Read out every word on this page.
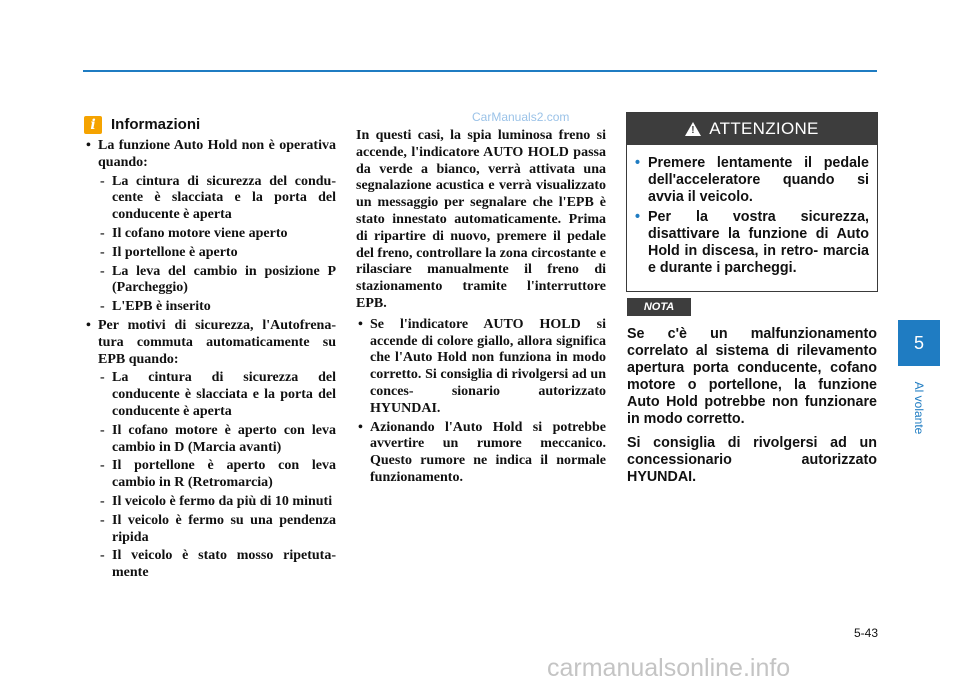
i	Informazioni
• La funzione Auto Hold non è operativa quando:
- La cintura di sicurezza del condu- cente è slacciata e la porta del conducente è aperta
- Il cofano motore viene aperto
- Il portellone è aperto
- La leva del cambio in posizione P (Parcheggio)
- L'EPB è inserito
• Per motivi di sicurezza, l'Autofrena- tura commuta automaticamente su EPB quando:
- La cintura di sicurezza del conducente è slacciata e la porta del conducente è aperta
- Il cofano motore è aperto con leva cambio in D (Marcia avanti)
- Il portellone è aperto con leva cambio in R (Retromarcia)
- Il veicolo è fermo da più di 10 minuti
- Il veicolo è fermo su una pendenza ripida
- Il veicolo è stato mosso ripetuta- mente

In questi casi, la spia luminosa freno si accende, l'indicatore AUTO HOLD passa da verde a bianco, verrà attivata una segnalazione acustica e verrà visualizzato un messaggio per segnalare che l'EPB è stato innestato automaticamente. Prima di ripartire di nuovo, premere il pedale del freno, controllare la zona circostante e rilasciare manualmente il freno di stazionamento tramite l'interruttore EPB.

• Se l'indicatore AUTO HOLD si accende di colore giallo, allora significa che l'Auto Hold non funziona in modo corretto. Si consiglia di rivolgersi ad un conces- sionario autorizzato HYUNDAI.
• Azionando l'Auto Hold si potrebbe avvertire un rumore meccanico. Questo rumore ne indica il normale funzionamento.
! ATTENZIONE
• Premere lentamente il pedale dell'acceleratore quando si avvia il veicolo.
• Per la vostra sicurezza, disattivare la funzione di Auto Hold in discesa, in retro- marcia e durante i parcheggi.
NOTA

Se c'è un malfunzionamento correlato al sistema di rilevamento apertura porta conducente, cofano motore o portellone, la funzione Auto Hold potrebbe non funzionare in modo corretto.

Si consiglia di rivolgersi ad un concessionario autorizzato HYUNDAI.

5
Al volante
5-43
CarManuals2.com
carmanualsonline.info
